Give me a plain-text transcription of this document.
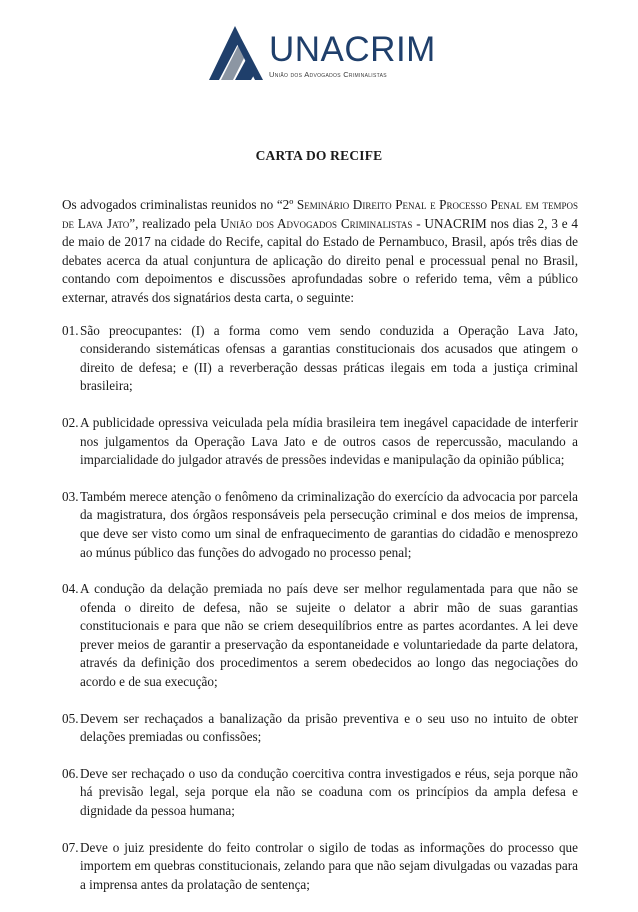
UNACRIM
União dos Advogados Criminalistas
CARTA DO RECIFE

Os advogados criminalistas reunidos no “2º Seminário Direito Penal e Processo Penal em tempos de Lava Jato”, realizado pela União dos Advogados Criminalistas - UNACRIM nos dias 2, 3 e 4 de maio de 2017 na cidade do Recife, capital do Estado de Pernambuco, Brasil, após três dias de debates acerca da atual conjuntura de aplicação do direito penal e processual penal no Brasil, contando com depoimentos e discussões aprofundadas sobre o referido tema, vêm a público externar, através dos signatários desta carta, o seguinte:

01. São preocupantes: (I) a forma como vem sendo conduzida a Operação Lava Jato, considerando sistemáticas ofensas a garantias constitucionais dos acusados que atingem o direito de defesa; e (II) a reverberação dessas práticas ilegais em toda a justiça criminal brasileira;
02. A publicidade opressiva veiculada pela mídia brasileira tem inegável capacidade de interferir nos julgamentos da Operação Lava Jato e de outros casos de repercussão, maculando a imparcialidade do julgador através de pressões indevidas e manipulação da opinião pública;
03. Também merece atenção o fenômeno da criminalização do exercício da advocacia por parcela da magistratura, dos órgãos responsáveis pela persecução criminal e dos meios de imprensa, que deve ser visto como um sinal de enfraquecimento de garantias do cidadão e menosprezo ao múnus público das funções do advogado no processo penal;
04. A condução da delação premiada no país deve ser melhor regulamentada para que não se ofenda o direito de defesa, não se sujeite o delator a abrir mão de suas garantias constitucionais e para que não se criem desequilíbrios entre as partes acordantes. A lei deve prever meios de garantir a preservação da espontaneidade e voluntariedade da parte delatora, através da definição dos procedimentos a serem obedecidos ao longo das negociações do acordo e de sua execução;
05. Devem ser rechaçados a banalização da prisão preventiva e o seu uso no intuito de obter delações premiadas ou confissões;
06. Deve ser rechaçado o uso da condução coercitiva contra investigados e réus, seja porque não há previsão legal, seja porque ela não se coaduna com os princípios da ampla defesa e dignidade da pessoa humana;
07. Deve o juiz presidente do feito controlar o sigilo de todas as informações do processo que importem em quebras constitucionais, zelando para que não sejam divulgadas ou vazadas para a imprensa antes da prolatação de sentença;
